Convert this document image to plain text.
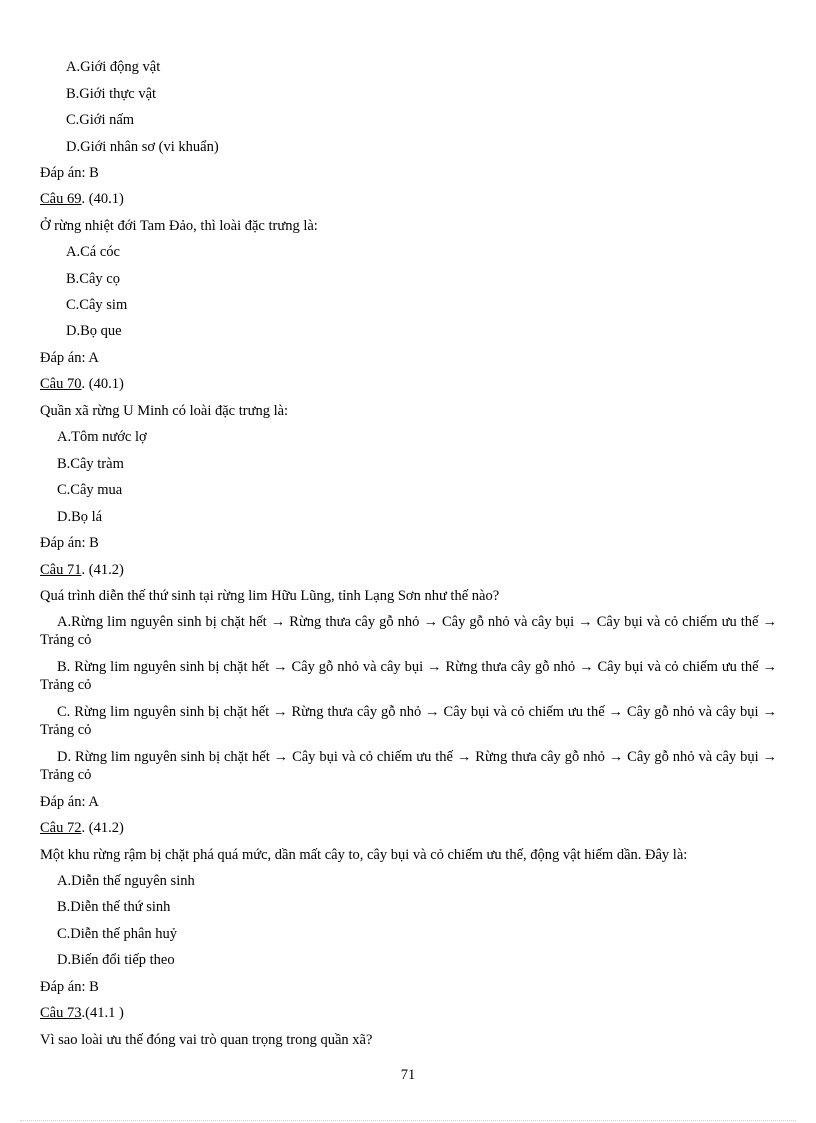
A.Giới động vật
B.Giới thực vật
C.Giới nấm
D.Giới nhân sơ (vi khuẩn)
Đáp án: B
Câu 69. (40.1)
Ở rừng nhiệt đới Tam Đảo, thì loài đặc trưng là:
A.Cá cóc
B.Cây cọ
C.Cây sim
D.Bọ que
Đáp án: A
Câu 70. (40.1)
Quần xã rừng U Minh có loài đặc trưng là:
A.Tôm nước lợ
B.Cây tràm
C.Cây mua
D.Bọ lá
Đáp án: B
Câu 71. (41.2)
Quá trình diễn thế thứ sinh tại rừng lim Hữu Lũng, tỉnh Lạng Sơn như thế nào?
A.Rừng lim nguyên sinh bị chặt hết → Rừng thưa cây gỗ nhỏ → Cây gỗ nhỏ và cây bụi → Cây bụi và cỏ chiếm ưu thế → Trảng cỏ
B. Rừng lim nguyên sinh bị chặt hết → Cây gỗ nhỏ và cây bụi → Rừng thưa cây gỗ nhỏ → Cây bụi và cỏ chiếm ưu thế → Trảng cỏ
C. Rừng lim nguyên sinh bị chặt hết → Rừng thưa cây gỗ nhỏ → Cây bụi và cỏ chiếm ưu thế → Cây gỗ nhỏ và cây bụi → Trảng cỏ
D. Rừng lim nguyên sinh bị chặt hết → Cây bụi và cỏ chiếm ưu thế → Rừng thưa cây gỗ nhỏ → Cây gỗ nhỏ và cây bụi → Trảng cỏ
Đáp án: A
Câu 72. (41.2)
Một khu rừng rậm bị chặt phá quá mức, dần mất cây to, cây bụi và cỏ chiếm ưu thế, động vật hiếm dần. Đây là:
A.Diễn thế nguyên sinh
B.Diễn thế thứ sinh
C.Diễn thế phân huỷ
D.Biến đổi tiếp theo
Đáp án: B
Câu 73.(41.1 )
Vì sao loài ưu thế đóng vai trò quan trọng trong quần xã?
71
